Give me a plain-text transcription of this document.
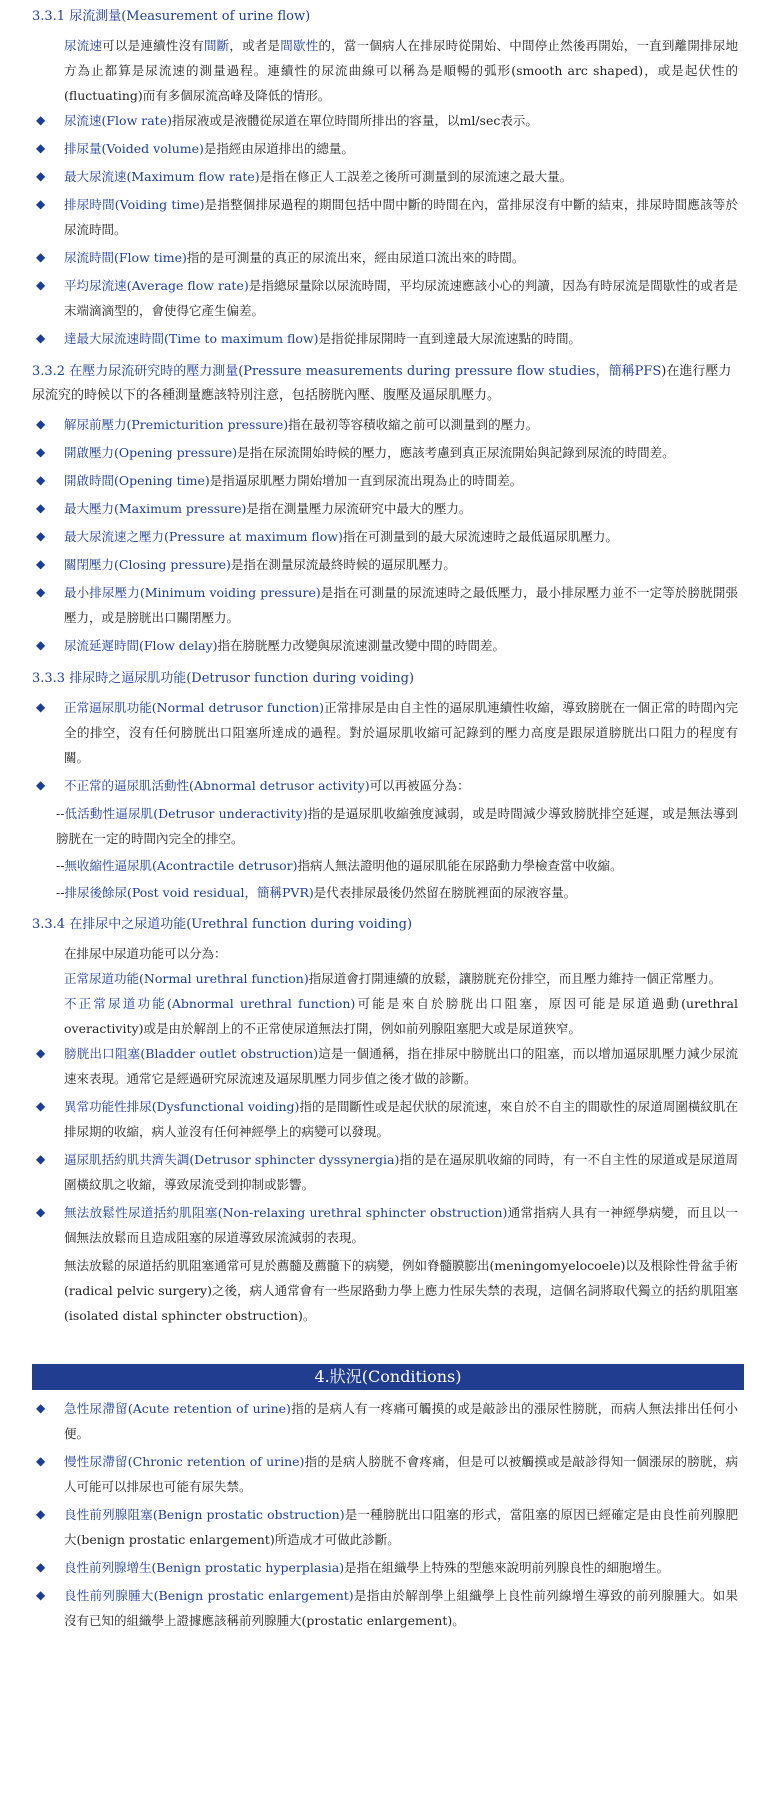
3.3.1 尿流測量(Measurement of urine flow)
尿流速可以是連續性沒有間斷，或者是間歇性的，當一個病人在排尿時從開始、中間停止然後再開始，一直到離開排尿地方為止都算是尿流速的測量過程。連續性的尿流曲線可以稱為是順暢的弧形(smooth arc shaped)，或是起伏性的(fluctuating)而有多個尿流高峰及降低的情形。
◆ 尿流速(Flow rate)指尿液或是液體從尿道在單位時間所排出的容量，以ml/sec表示。
◆ 排尿量(Voided volume)是指經由尿道排出的總量。
◆ 最大尿流速(Maximum flow rate)是指在修正人工誤差之後所可測量到的尿流速之最大量。
◆ 排尿時間(Voiding time)是指整個排尿過程的期間包括中間中斷的時間在內，當排尿沒有中斷的結束，排尿時間應該等於尿流時間。
◆ 尿流時間(Flow time)指的是可測量的真正的尿流出來，經由尿道口流出來的時間。
◆ 平均尿流速(Average flow rate)是指總尿量除以尿流時間，平均尿流速應該小心的判讀，因為有時尿流是間歇性的或者是末端滴滴型的，會使得它產生偏差。
◆ 達最大尿流速時間(Time to maximum flow)是指從排尿開時一直到達最大尿流速點的時間。
3.3.2 在壓力尿流研究時的壓力測量(Pressure measurements during pressure flow studies，簡稱PFS)在進行壓力尿流究的時候以下的各種測量應該特別注意，包括膀胱內壓、腹壓及逼尿肌壓力。
◆ 解尿前壓力(Premicturition pressure)指在最初等容積收縮之前可以測量到的壓力。
◆ 開啟壓力(Opening pressure)是指在尿流開始時候的壓力，應該考慮到真正尿流開始與記錄到尿流的時間差。
◆ 開啟時間(Opening time)是指逼尿肌壓力開始增加一直到尿流出現為止的時間差。
◆ 最大壓力(Maximum pressure)是指在測量壓力尿流研究中最大的壓力。
◆ 最大尿流速之壓力(Pressure at maximum flow)指在可測量到的最大尿流速時之最低逼尿肌壓力。
◆ 關閉壓力(Closing pressure)是指在測量尿流最終時候的逼尿肌壓力。
◆ 最小排尿壓力(Minimum voiding pressure)是指在可測量的尿流速時之最低壓力，最小排尿壓力並不一定等於膀胱開張壓力，或是膀胱出口關閉壓力。
◆ 尿流延遲時間(Flow delay)指在膀胱壓力改變與尿流速測量改變中間的時間差。
3.3.3 排尿時之逼尿肌功能(Detrusor function during voiding)
◆ 正常逼尿肌功能(Normal detrusor function)正常排尿是由自主性的逼尿肌連續性收縮，導致膀胱在一個正常的時間內完全的排空，沒有任何膀胱出口阻塞所達成的過程。對於逼尿肌收縮可記錄到的壓力高度是跟尿道膀胱出口阻力的程度有關。
◆ 不正常的逼尿肌活動性(Abnormal detrusor activity)可以再被區分為：
--低活動性逼尿肌(Detrusor underactivity)指的是逼尿肌收縮強度減弱，或是時間減少導致膀胱排空延遲，或是無法導到膀胱在一定的時間內完全的排空。
--無收縮性逼尿肌(Acontractile detrusor)指病人無法證明他的逼尿肌能在尿路動力學檢查當中收縮。
--排尿後餘尿(Post void residual，簡稱PVR)是代表排尿最後仍然留在膀胱裡面的尿液容量。
3.3.4 在排尿中之尿道功能(Urethral function during voiding)
在排尿中尿道功能可以分為：
正常尿道功能(Normal urethral function)指尿道會打開連續的放鬆，讓膀胱充份排空，而且壓力維持一個正常壓力。
不正常尿道功能(Abnormal urethral function)可能是來自於膀胱出口阻塞，原因可能是尿道過動(urethral overactivity)或是由於解剖上的不正常使尿道無法打開，例如前列腺阻塞肥大或是尿道狹窄。
◆ 膀胱出口阻塞(Bladder outlet obstruction)這是一個通稱，指在排尿中膀胱出口的阻塞，而以增加逼尿肌壓力減少尿流速來表現。通常它是經過研究尿流速及逼尿肌壓力同步值之後才做的診斷。
◆ 異常功能性排尿(Dysfunctional voiding)指的是間斷性或是起伏狀的尿流速，來自於不自主的間歇性的尿道周圍橫紋肌在排尿期的收縮，病人並沒有任何神經學上的病變可以發現。
◆ 逼尿肌括約肌共濟失調(Detrusor sphincter dyssynergia)指的是在逼尿肌收縮的同時，有一不自主性的尿道或是尿道周圍橫紋肌之收縮，導致尿流受到抑制或影響。
◆ 無法放鬆性尿道括約肌阻塞(Non-relaxing urethral sphincter obstruction)通常指病人具有一神經學病變，而且以一個無法放鬆而且造成阻塞的尿道導致尿流減弱的表現。
無法放鬆的尿道括約肌阻塞通常可見於薦髓及薦髓下的病變，例如脊髓膜膨出(meningomyelocoele)以及根除性骨盆手術(radical pelvic surgery)之後，病人通常會有一些尿路動力學上應力性尿失禁的表現，這個名詞將取代獨立的括約肌阻塞(isolated distal sphincter obstruction)。
4.狀況(Conditions)
◆ 急性尿滯留(Acute retention of urine)指的是病人有一疼痛可觸摸的或是敲診出的漲尿性膀胱，而病人無法排出任何小便。
◆ 慢性尿滯留(Chronic retention of urine)指的是病人膀胱不會疼痛，但是可以被觸摸或是敲診得知一個漲尿的膀胱，病人可能可以排尿也可能有尿失禁。
◆ 良性前列腺阻塞(Benign prostatic obstruction)是一種膀胱出口阻塞的形式，當阻塞的原因已經確定是由良性前列腺肥大(benign prostatic enlargement)所造成才可做此診斷。
◆ 良性前列腺增生(Benign prostatic hyperplasia)是指在組織學上特殊的型態來說明前列腺良性的細胞增生。
◆ 良性前列腺腫大(Benign prostatic enlargement)是指由於解剖學上組織學上良性前列線增生導致的前列腺腫大。如果沒有已知的組織學上證據應該稱前列腺腫大(prostatic enlargement)。
